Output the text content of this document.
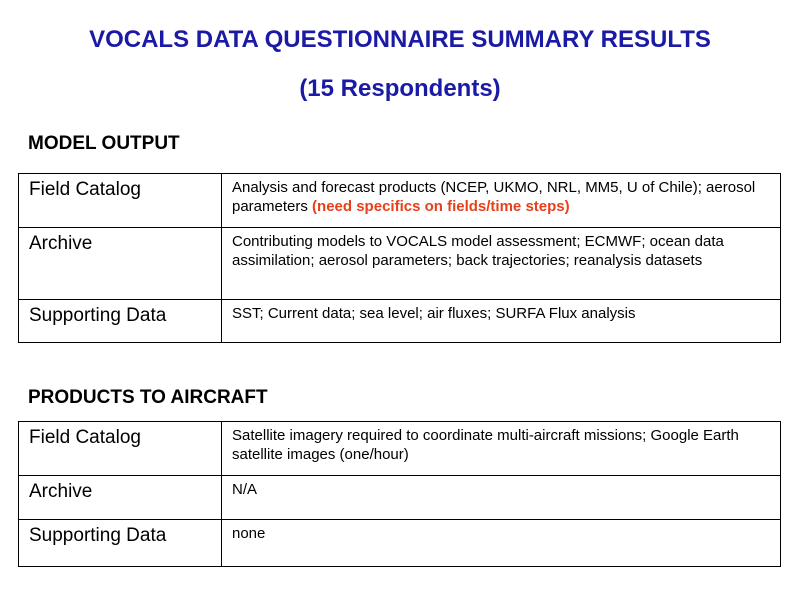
VOCALS DATA QUESTIONNAIRE SUMMARY RESULTS
(15 Respondents)
MODEL OUTPUT
Field Catalog	Analysis and forecast products (NCEP, UKMO, NRL, MM5, U of Chile); aerosol parameters (need specifics on fields/time steps)
Archive	Contributing models to VOCALS model assessment; ECMWF; ocean data assimilation; aerosol parameters; back trajectories; reanalysis datasets
Supporting Data	SST; Current data; sea level; air fluxes; SURFA Flux analysis
PRODUCTS TO AIRCRAFT
Field Catalog	Satellite imagery required to coordinate multi-aircraft missions; Google Earth satellite images (one/hour)
Archive	N/A
Supporting Data	none
